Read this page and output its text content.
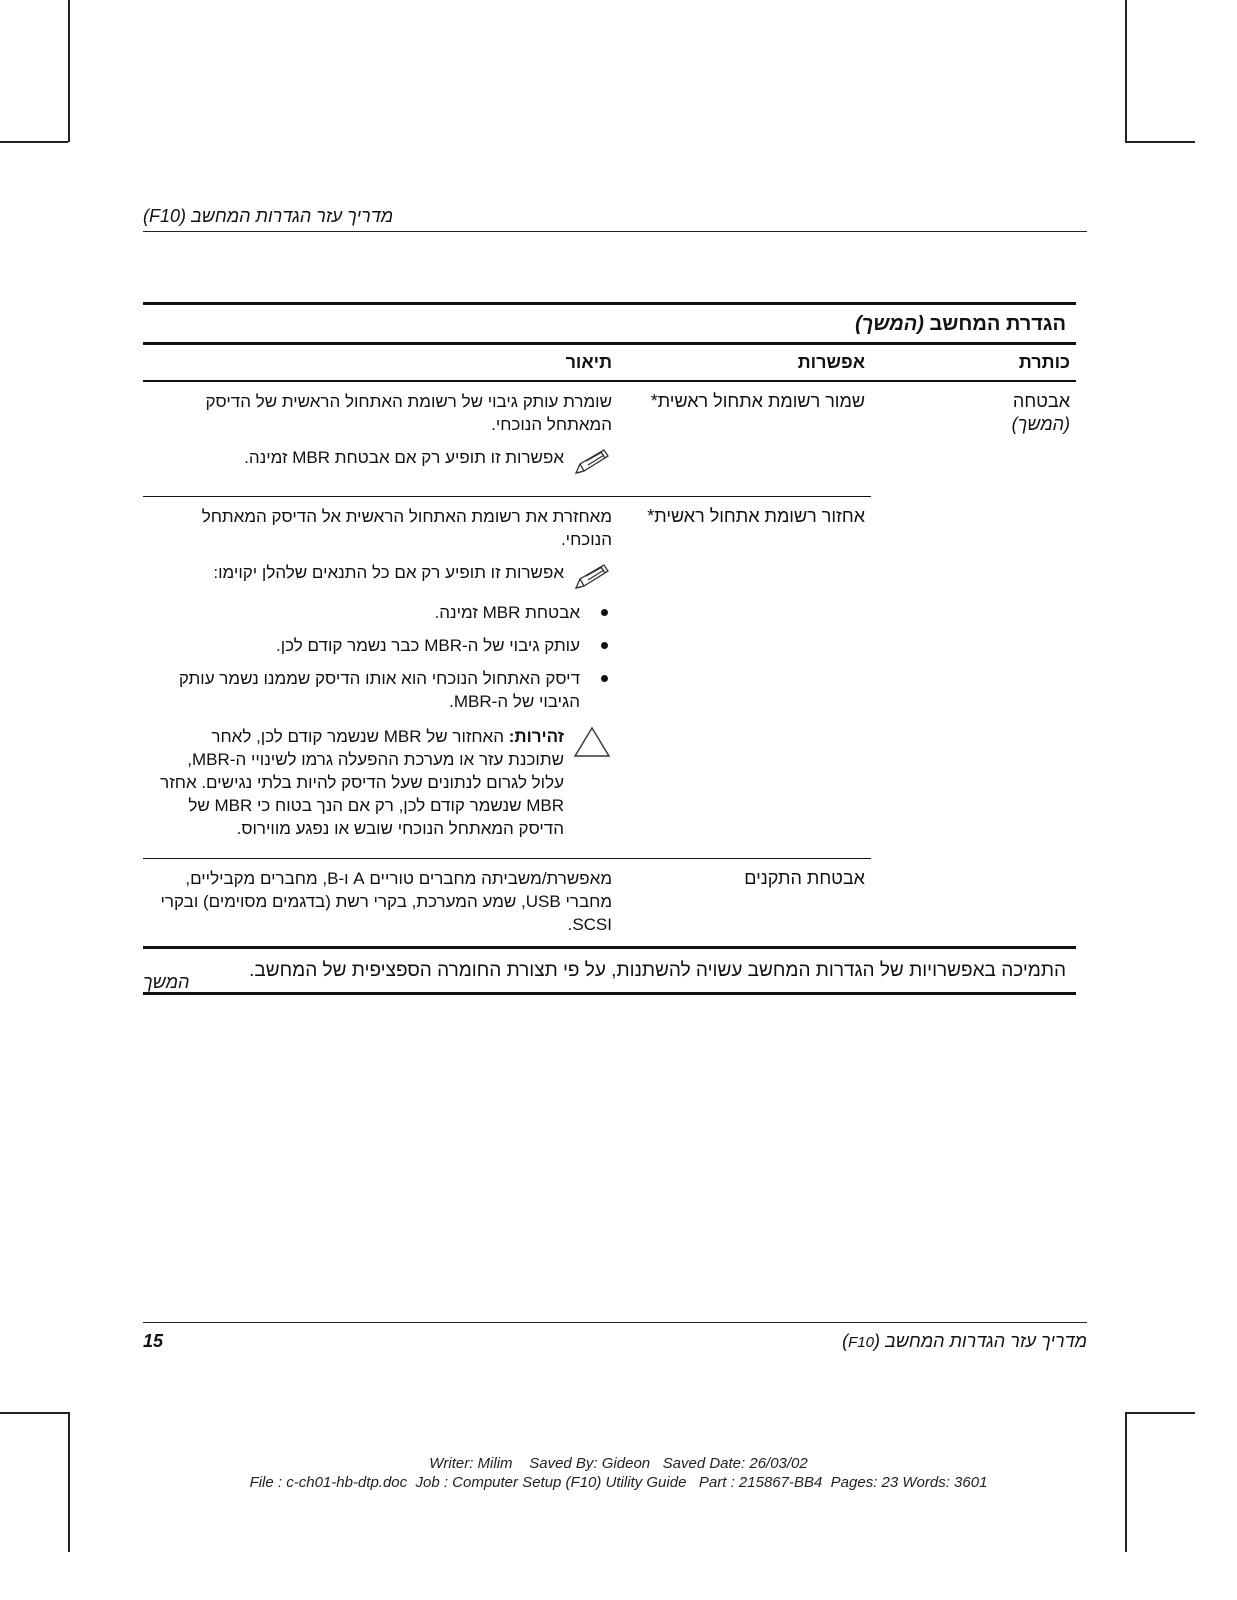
מדריך עזר הגדרות המחשב (F10)
הגדרת המחשב (המשך)
כותרת
אפשרות
תיאור
אבטחה
(המשך)
שמור רשומת אתחול ראשית*

שומרת עותק גיבוי של רשומת האתחול הראשית של הדיסק המאתחל הנוכחי.

אפשרות זו תופיע רק אם אבטחת MBR זמינה.
אחזור רשומת אתחול ראשית*

מאחזרת את רשומת האתחול הראשית אל הדיסק המאתחל הנוכחי.

אפשרות זו תופיע רק אם כל התנאים שלהלן יקוימו:
אבטחת MBR זמינה.
עותק גיבוי של ה-MBR כבר נשמר קודם לכן.
דיסק האתחול הנוכחי הוא אותו הדיסק שממנו נשמר עותק הגיבוי של ה-MBR.
זהירות: האחזור של MBR שנשמר קודם לכן, לאחר שתוכנת עזר או מערכת ההפעלה גרמו לשינויי ה-MBR, עלול לגרום לנתונים שעל הדיסק להיות בלתי נגישים. אחזר MBR שנשמר קודם לכן, רק אם הנך בטוח כי MBR של הדיסק המאתחל הנוכחי שובש או נפגע מווירוס.
אבטחת התקנים

מאפשרת/משביתה מחברים טוריים A ו-B, מחברים מקביליים, מחברי USB, שמע המערכת, בקרי רשת (בדגמים מסוימים) ובקרי SCSI.

התמיכה באפשרויות של הגדרות המחשב עשויה להשתנות, על פי תצורת החומרה הספציפית של המחשב.
המשך
15	מדריך עזר הגדרות המחשב (F10)
Writer: Milim    Saved By: Gideon   Saved Date: 26/03/02
File : c-ch01-hb-dtp.doc  Job : Computer Setup (F10) Utility Guide   Part : 215867-BB4  Pages: 23 Words: 3601
